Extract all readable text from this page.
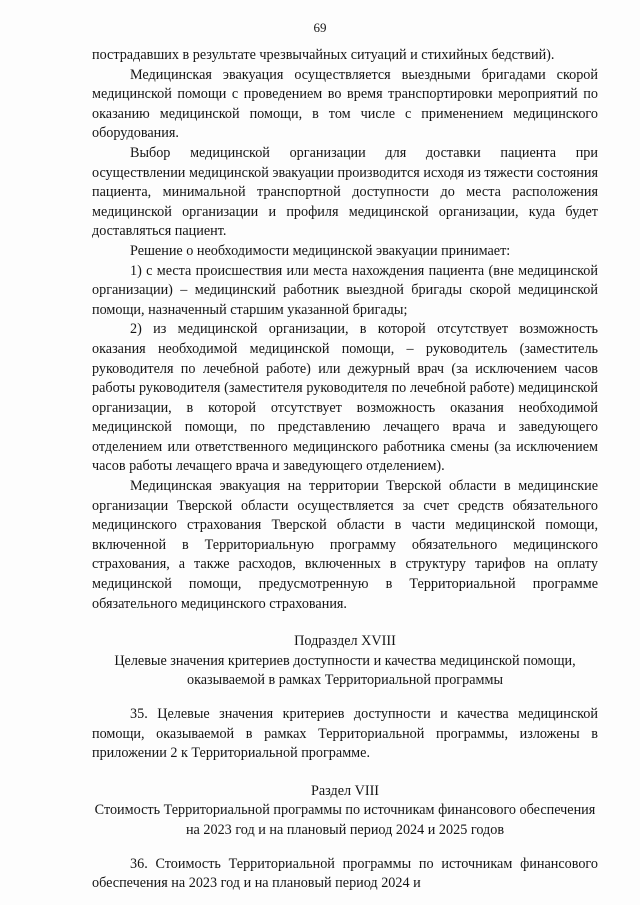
69

пострадавших в результате чрезвычайных ситуаций и стихийных бедствий).

Медицинская эвакуация осуществляется выездными бригадами скорой медицинской помощи с проведением во время транспортировки мероприятий по оказанию медицинской помощи, в том числе с применением медицинского оборудования.

Выбор медицинской организации для доставки пациента при осуществлении медицинской эвакуации производится исходя из тяжести состояния пациента, минимальной транспортной доступности до места расположения медицинской организации и профиля медицинской организации, куда будет доставляться пациент.

Решение о необходимости медицинской эвакуации принимает:

1) с места происшествия или места нахождения пациента (вне медицинской организации) – медицинский работник выездной бригады скорой медицинской помощи, назначенный старшим указанной бригады;

2) из медицинской организации, в которой отсутствует возможность оказания необходимой медицинской помощи, – руководитель (заместитель руководителя по лечебной работе) или дежурный врач (за исключением часов работы руководителя (заместителя руководителя по лечебной работе) медицинской организации, в которой отсутствует возможность оказания необходимой медицинской помощи, по представлению лечащего врача и заведующего отделением или ответственного медицинского работника смены (за исключением часов работы лечащего врача и заведующего отделением).

Медицинская эвакуация на территории Тверской области в медицинские организации Тверской области осуществляется за счет средств обязательного медицинского страхования Тверской области в части медицинской помощи, включенной в Территориальную программу обязательного медицинского страхования, а также расходов, включенных в структуру тарифов на оплату медицинской помощи, предусмотренную в Территориальной программе обязательного медицинского страхования.

Подраздел XVIII

Целевые значения критериев доступности и качества медицинской помощи, оказываемой в рамках Территориальной программы

35. Целевые значения критериев доступности и качества медицинской помощи, оказываемой в рамках Территориальной программы, изложены в приложении 2 к Территориальной программе.

Раздел VIII

Стоимость Территориальной программы по источникам финансового обеспечения на 2023 год и на плановый период 2024 и 2025 годов

36. Стоимость Территориальной программы по источникам финансового обеспечения на 2023 год и на плановый период 2024 и
